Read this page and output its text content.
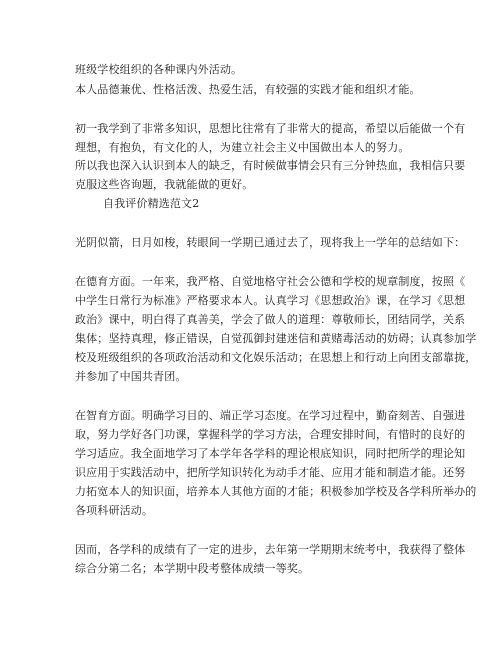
班级学校组织的各种课内外活动。
本人品德兼优、性格活泼、热爱生活，有较强的实践才能和组织才能。
初一我学到了非常多知识，思想比往常有了非常大的提高，希望以后能做一个有
理想，有抱负，有文化的人，为建立社会主义中国做出本人的努力。
所以我也深入认识到本人的缺乏，有时候做事情会只有三分钟热血，我相信只要
克服这些咨询题，我就能做的更好。
自我评价精选范文2
光阴似箭，日月如梭，转眼间一学期已通过去了，现将我上一学年的总结如下：
在德育方面。一年来，我严格、自觉地格守社会公德和学校的规章制度，按照《
中学生日常行为标准》严格要求本人。认真学习《思想政治》课，在学习《思想
政治》课中，明白得了真善美，学会了做人的道理：尊敬师长，团结同学，关系
集体；坚持真理，修正错误，自觉孤御封建迷信和黄赌毒活动的妨碍；认真参加学
校及班级组织的各项政治活动和文化娱乐活动；在思想上和行动上向团支部靠拢，
并参加了中国共青团。
在智育方面。明确学习目的、端正学习态度。在学习过程中，勤奋刻苦、自强进
取，努力学好各门功课，掌握科学的学习方法，合理安排时间，有惜时的良好的
学习适应。我全面地学习了本学年各学科的理论根底知识，同时把所学的理论知
识应用于实践活动中，把所学知识转化为动手才能、应用才能和制造才能。还努
力拓宽本人的知识面，培养本人其他方面的才能；积极参加学校及各学科所举办的
各项科研活动。
因而，各学科的成绩有了一定的进步，去年第一学期期末统考中，我获得了整体
综合分第二名；本学期中段考整体成绩一等奖。
